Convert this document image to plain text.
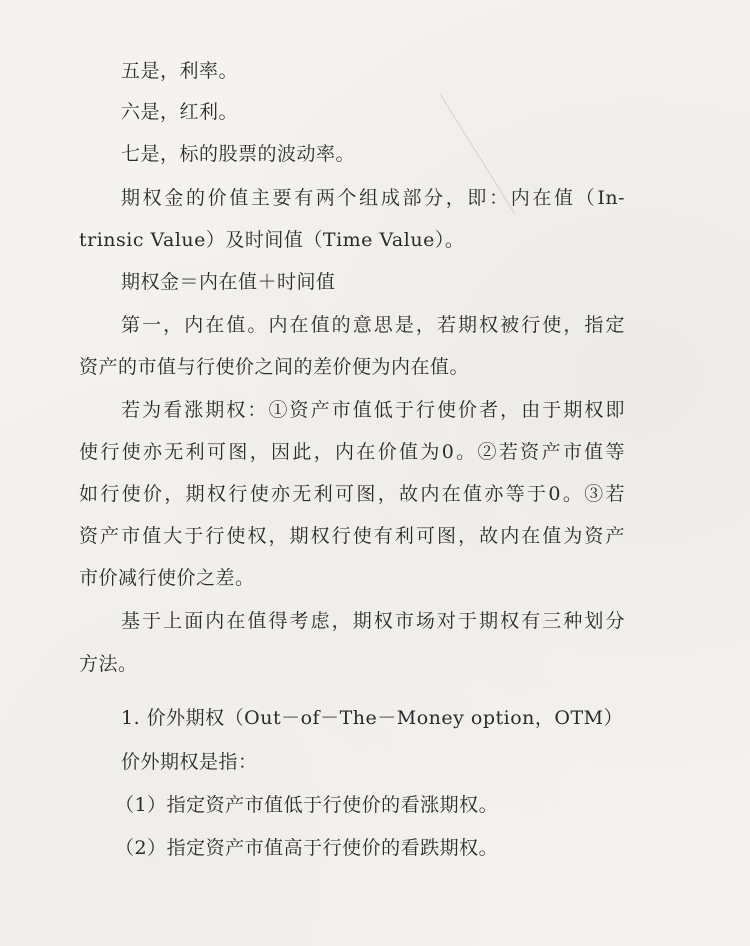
五是，利率。
六是，红利。
七是，标的股票的波动率。
期权金的价值主要有两个组成部分，即：内在值（In-
trinsic Value）及时间值（Time Value）。
期权金＝内在值＋时间值
第一，内在值。内在值的意思是，若期权被行使，指定
资产的市值与行使价之间的差价便为内在值。
若为看涨期权：①资产市值低于行使价者，由于期权即
使行使亦无利可图，因此，内在价值为0。②若资产市值等
如行使价，期权行使亦无利可图，故内在值亦等于0。③若
资产市值大于行使权，期权行使有利可图，故内在值为资产
市价减行使价之差。
基于上面内在值得考虑，期权市场对于期权有三种划分
方法。
1. 价外期权（Out－of－The－Money option，OTM）
价外期权是指：
（1）指定资产市值低于行使价的看涨期权。
（2）指定资产市值高于行使价的看跌期权。
